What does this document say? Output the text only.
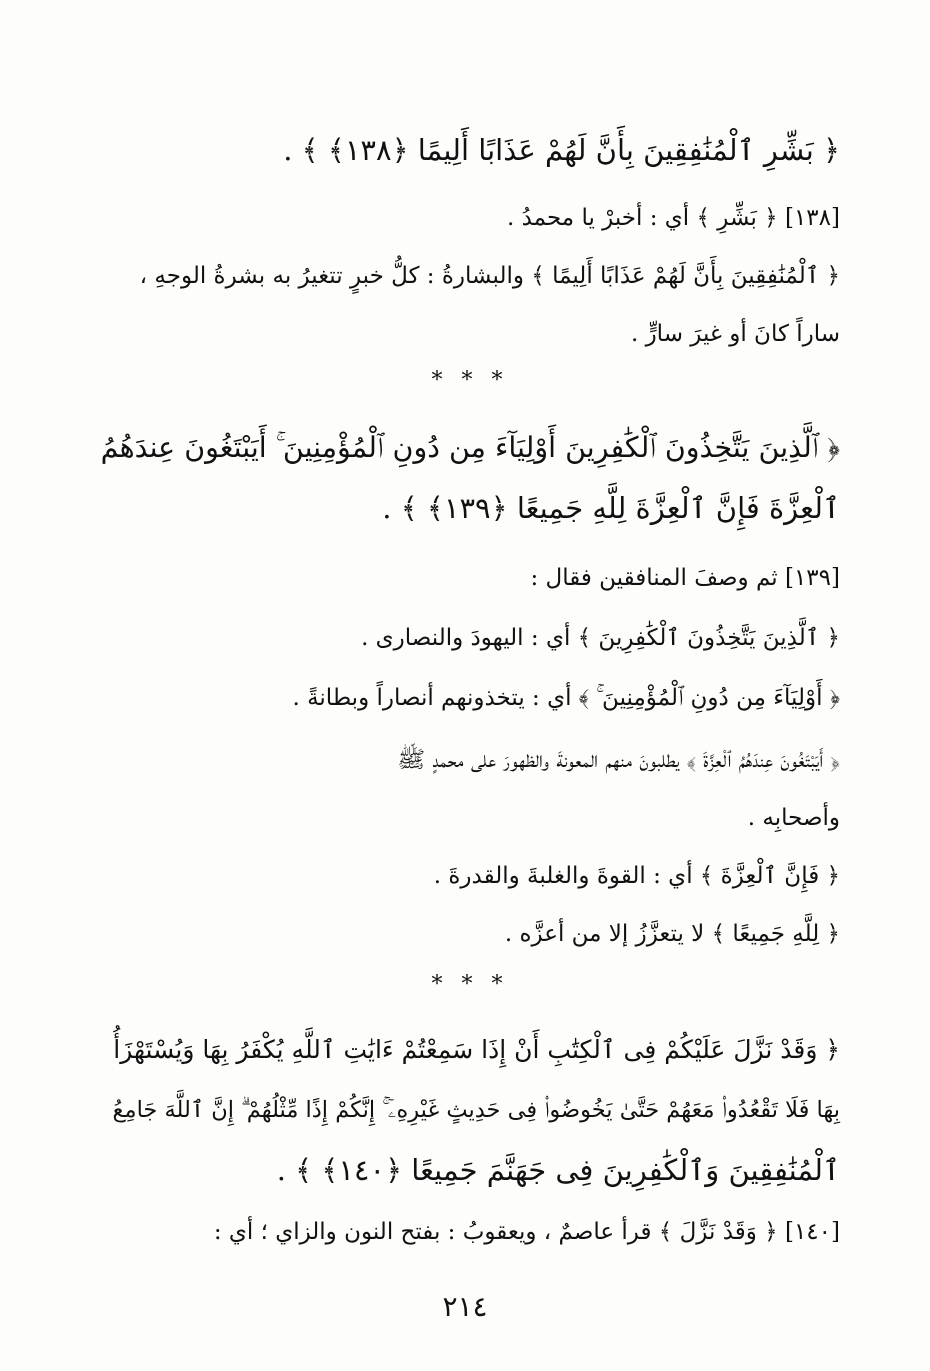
﴿ بَشِّرِ ٱلْمُنَٰفِقِينَ بِأَنَّ لَهُمْ عَذَابًا أَلِيمًا ﴿١٣٨﴾ ﴾ .
[١٣٨] ﴿ بَشِّرِ ﴾ أي : أخبرْ يا محمدُ .
﴿ ٱلْمُنَٰفِقِينَ بِأَنَّ لَهُمْ عَذَابًا أَلِيمًا ﴾ والبشارةُ : كلُّ خبرٍ تتغيرُ به بشرةُ الوجهِ ،
ساراً كانَ أو غيرَ سارٍّ .
* * *
﴿ ٱلَّذِينَ يَتَّخِذُونَ ٱلْكَٰفِرِينَ أَوْلِيَآءَ مِن دُونِ ٱلْمُؤْمِنِينَ ۚ أَيَبْتَغُونَ عِندَهُمُ
ٱلْعِزَّةَ فَإِنَّ ٱلْعِزَّةَ لِلَّهِ جَمِيعًا ﴿١٣٩﴾ ﴾ .
[١٣٩] ثم وصفَ المنافقين فقال :
﴿ ٱلَّذِينَ يَتَّخِذُونَ ٱلْكَٰفِرِينَ ﴾ أي : اليهودَ والنصارى .
﴿ أَوْلِيَآءَ مِن دُونِ ٱلْمُؤْمِنِينَ ۚ ﴾ أي : يتخذونهم أنصاراً وبطانةً .
﴿ أَيَبْتَغُونَ عِندَهُمُ ٱلْعِزَّةَ ﴾ يطلبونَ منهم المعونةَ والظهورَ على محمدٍ ﷺ
وأصحابِه .
﴿ فَإِنَّ ٱلْعِزَّةَ ﴾ أي : القوةَ والغلبةَ والقدرةَ .
﴿ لِلَّهِ جَمِيعًا ﴾ لا يتعزَّزُ إلا من أعزَّه .
* * *
﴿ وَقَدْ نَزَّلَ عَلَيْكُمْ فِى ٱلْكِتَٰبِ أَنْ إِذَا سَمِعْتُمْ ءَايَٰتِ ٱللَّهِ يُكْفَرُ بِهَا وَيُسْتَهْزَأُ
بِهَا فَلَا تَقْعُدُوا۟ مَعَهُمْ حَتَّىٰ يَخُوضُوا۟ فِى حَدِيثٍ غَيْرِهِۦٓ ۚ إِنَّكُمْ إِذًا مِّثْلُهُمْ ۗ إِنَّ ٱللَّهَ جَامِعُ
ٱلْمُنَٰفِقِينَ وَٱلْكَٰفِرِينَ فِى جَهَنَّمَ جَمِيعًا ﴿١٤٠﴾ ﴾ .
[١٤٠] ﴿ وَقَدْ نَزَّلَ ﴾ قرأ عاصمٌ ، ويعقوبُ : بفتح النون والزاي ؛ أي :
٢١٤
